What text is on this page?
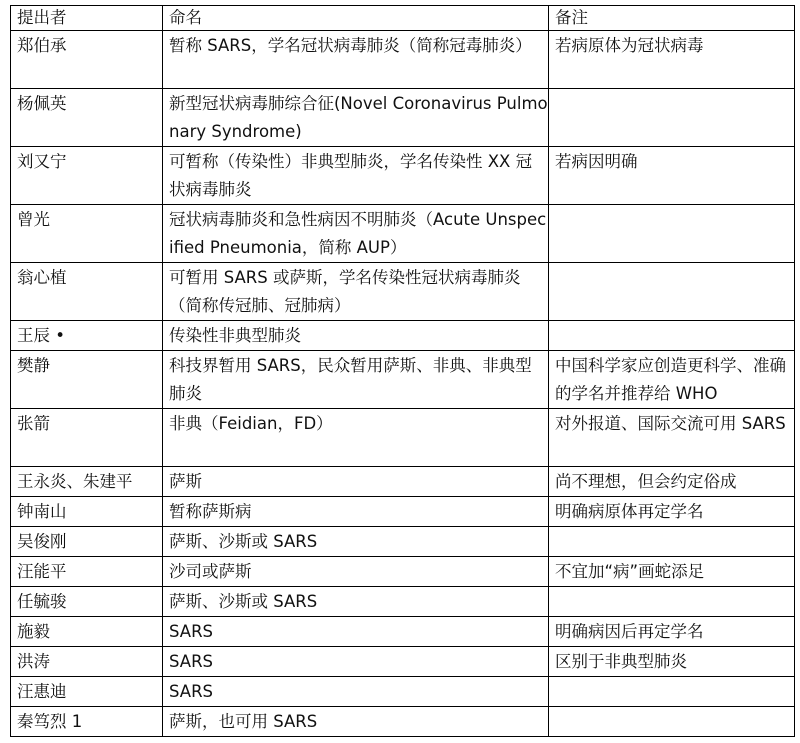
提出者	命名	备注
郑伯承	暂称 SARS，学名冠状病毒肺炎（简称冠毒肺炎）	若病原体为冠状病毒
杨佩英	新型冠状病毒肺综合征(Novel Coronavirus Pulmonary Syndrome)	
刘又宁	可暂称（传染性）非典型肺炎，学名传染性 XX 冠状病毒肺炎	若病因明确
曾光	冠状病毒肺炎和急性病因不明肺炎（Acute Unspecified Pneumonia，简称 AUP）	
翁心植	可暂用 SARS 或萨斯，学名传染性冠状病毒肺炎（简称传冠肺、冠肺病）	
王辰 •	传染性非典型肺炎	
樊静	科技界暂用 SARS，民众暂用萨斯、非典、非典型肺炎	中国科学家应创造更科学、准确的学名并推荐给 WHO
张箭	非典（Feidian，FD）	对外报道、国际交流可用 SARS
王永炎、朱建平	萨斯	尚不理想，但会约定俗成
钟南山	暂称萨斯病	明确病原体再定学名
吴俊刚	萨斯、沙斯或 SARS	
汪能平	沙司或萨斯	不宜加“病”画蛇添足
任毓骏	萨斯、沙斯或 SARS	
施毅	SARS	明确病因后再定学名
洪涛	SARS	区别于非典型肺炎
汪惠迪	SARS	
秦笃烈 1	萨斯，也可用 SARS	
